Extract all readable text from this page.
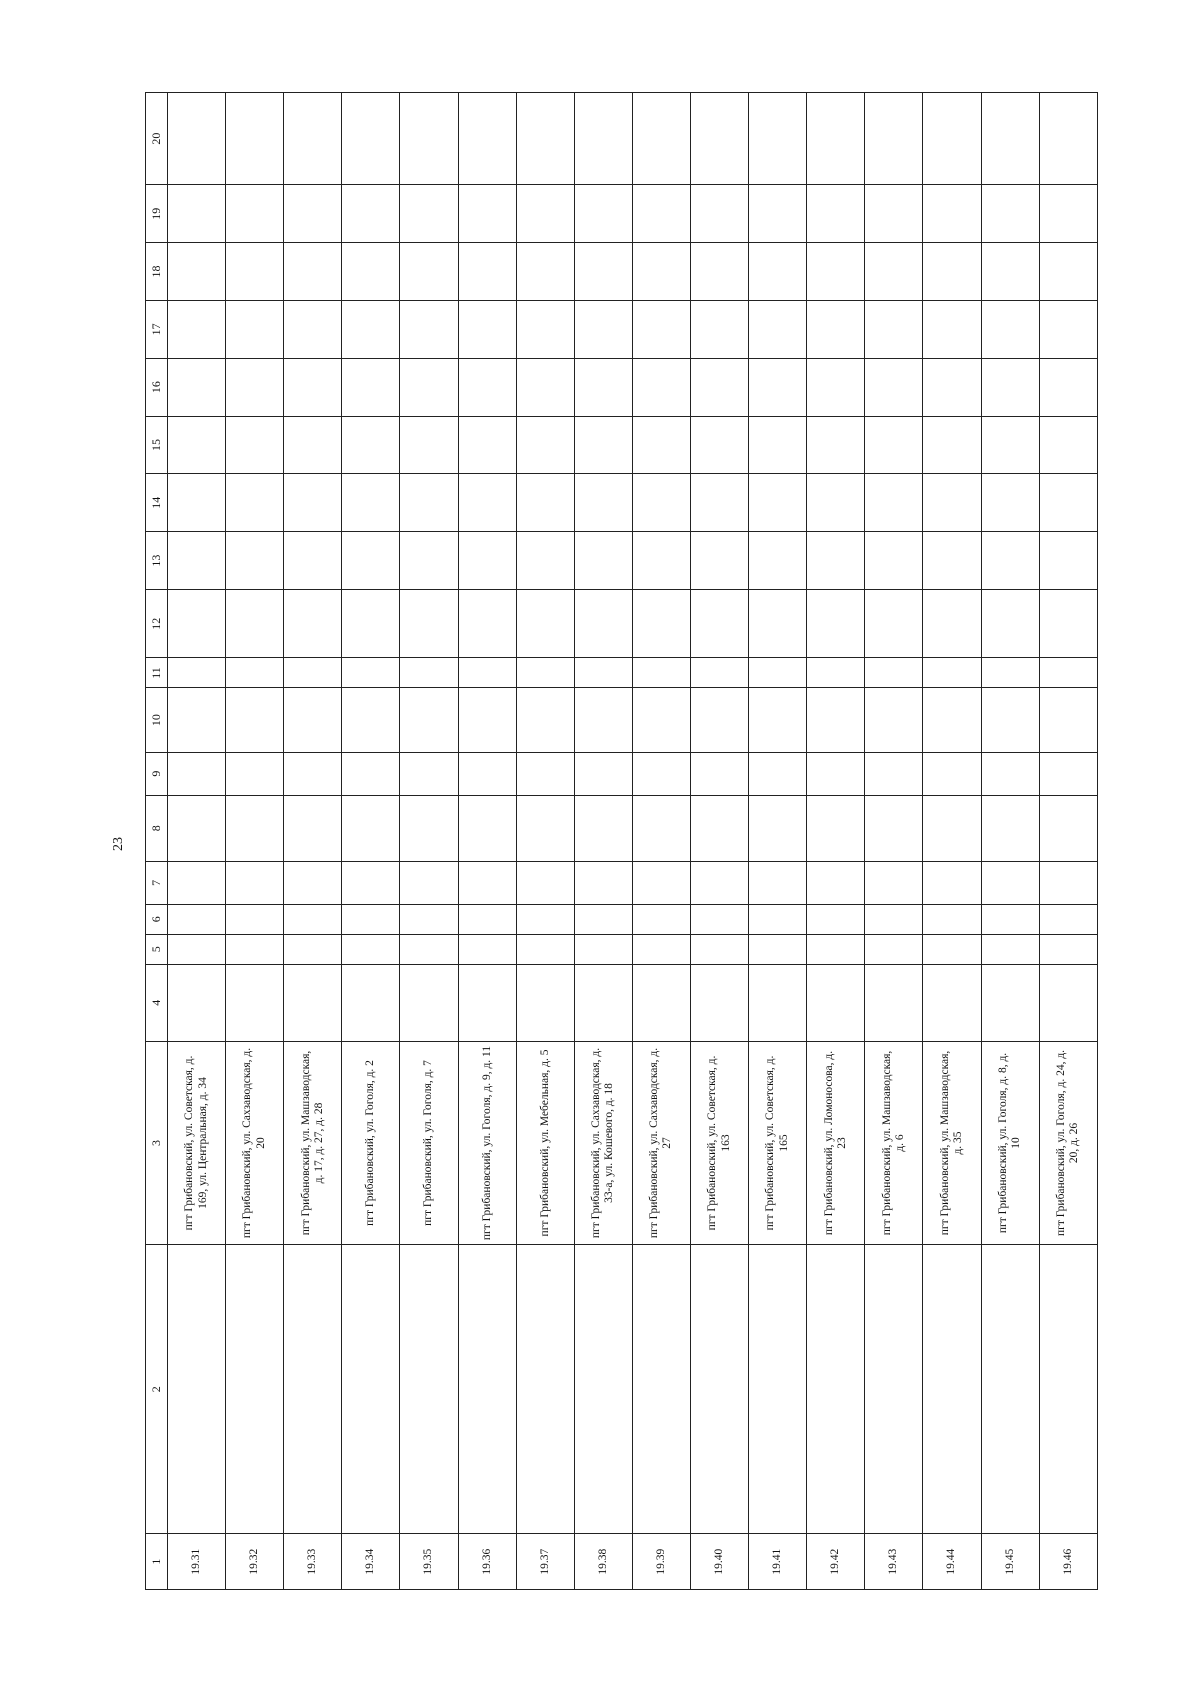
23
1	2	3	4	5	6	7	8	9	10	11	12	13	14	15	16	17	18	19	20
19.31		пгт Грибановский, ул. Советская, д. 169, ул. Центральная, д. 34																	
19.32		пгт Грибановский, ул. Сахзаводская, д. 20																	
19.33		пгт Грибановский, ул. Машзаводская, д. 17, д. 27, д. 28																	
19.34		пгт Грибановский, ул. Гоголя, д. 2																	
19.35		пгт Грибановский, ул. Гоголя, д. 7																	
19.36		пгт Грибановский, ул. Гоголя, д. 9, д. 11																	
19.37		пгт Грибановский, ул. Мебельная, д. 5																	
19.38		пгт Грибановский, ул. Сахзаводская, д. 33-а, ул. Кошевого, д. 18																	
19.39		пгт Грибановский, ул. Сахзаводская, д. 27																	
19.40		пгт Грибановский, ул. Советская, д. 163																	
19.41		пгт Грибановский, ул. Советская, д. 165																	
19.42		пгт Грибановский, ул. Ломоносова, д. 23																	
19.43		пгт Грибановский, ул. Машзаводская, д. 6																	
19.44		пгт Грибановский, ул. Машзаводская, д. 35																	
19.45		пгт Грибановский, ул. Гоголя, д. 8, д. 10																	
19.46		пгт Грибановский, ул. Гоголя, д. 24, д. 20, д. 26																	
